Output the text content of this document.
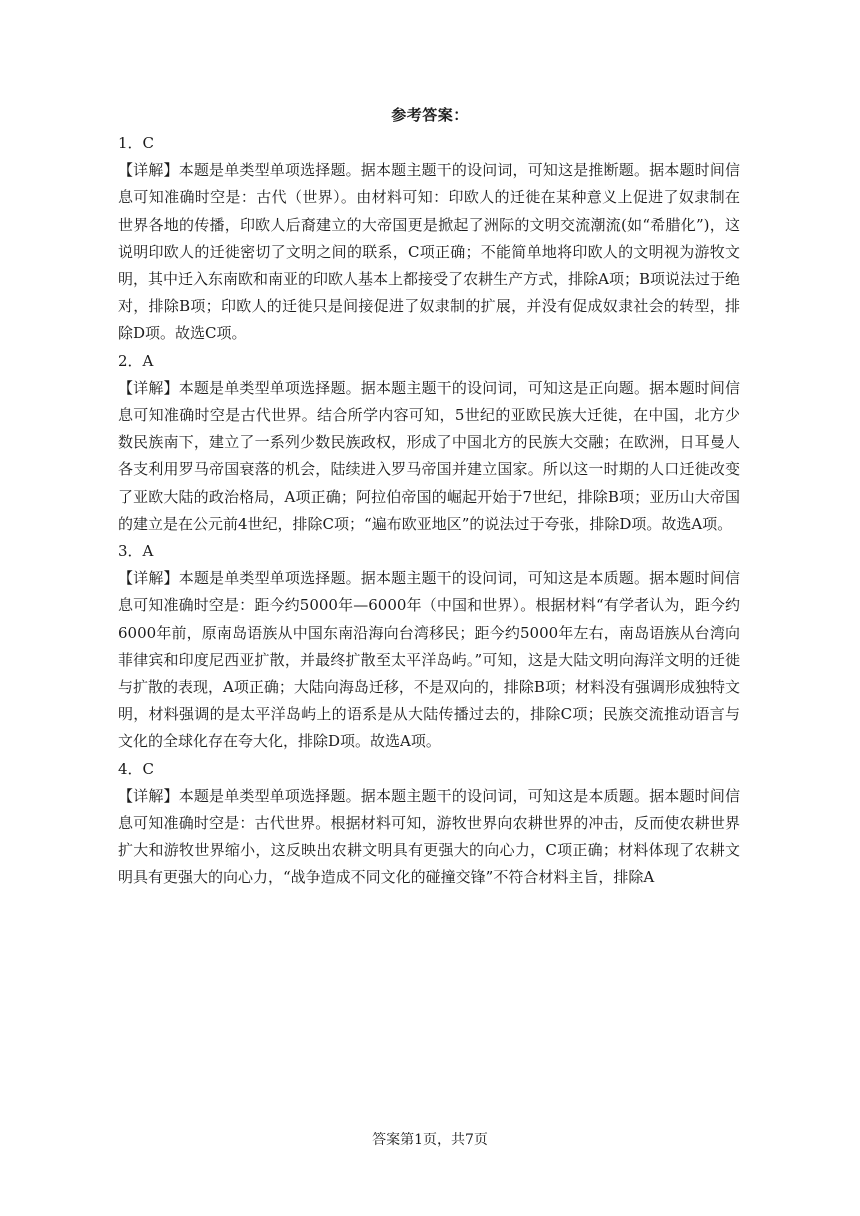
参考答案：

1．C

【详解】本题是单类型单项选择题。据本题主题干的设问词，可知这是推断题。据本题时间信息可知准确时空是：古代（世界）。由材料可知：印欧人的迁徙在某种意义上促进了奴隶制在世界各地的传播，印欧人后裔建立的大帝国更是掀起了洲际的文明交流潮流(如“希腊化”)，这说明印欧人的迁徙密切了文明之间的联系，C项正确；不能简单地将印欧人的文明视为游牧文明，其中迁入东南欧和南亚的印欧人基本上都接受了农耕生产方式，排除A项；B项说法过于绝对，排除B项；印欧人的迁徙只是间接促进了奴隶制的扩展，并没有促成奴隶社会的转型，排除D项。故选C项。

2．A

【详解】本题是单类型单项选择题。据本题主题干的设问词，可知这是正向题。据本题时间信息可知准确时空是古代世界。结合所学内容可知，5世纪的亚欧民族大迁徙，在中国，北方少数民族南下，建立了一系列少数民族政权，形成了中国北方的民族大交融；在欧洲，日耳曼人各支利用罗马帝国衰落的机会，陆续进入罗马帝国并建立国家。所以这一时期的人口迁徙改变了亚欧大陆的政治格局，A项正确；阿拉伯帝国的崛起开始于7世纪，排除B项；亚历山大帝国的建立是在公元前4世纪，排除C项；“遍布欧亚地区”的说法过于夸张，排除D项。故选A项。

3．A

【详解】本题是单类型单项选择题。据本题主题干的设问词，可知这是本质题。据本题时间信息可知准确时空是：距今约5000年—6000年（中国和世界）。根据材料“有学者认为，距今约6000年前，原南岛语族从中国东南沿海向台湾移民；距今约5000年左右，南岛语族从台湾向菲律宾和印度尼西亚扩散，并最终扩散至太平洋岛屿。”可知，这是大陆文明向海洋文明的迁徙与扩散的表现，A项正确；大陆向海岛迁移，不是双向的，排除B项；材料没有强调形成独特文明，材料强调的是太平洋岛屿上的语系是从大陆传播过去的，排除C项；民族交流推动语言与文化的全球化存在夸大化，排除D项。故选A项。

4．C

【详解】本题是单类型单项选择题。据本题主题干的设问词，可知这是本质题。据本题时间信息可知准确时空是：古代世界。根据材料可知，游牧世界向农耕世界的冲击，反而使农耕世界扩大和游牧世界缩小，这反映出农耕文明具有更强大的向心力，C项正确；材料体现了农耕文明具有更强大的向心力，“战争造成不同文化的碰撞交锋”不符合材料主旨，排除A

答案第1页，共7页
